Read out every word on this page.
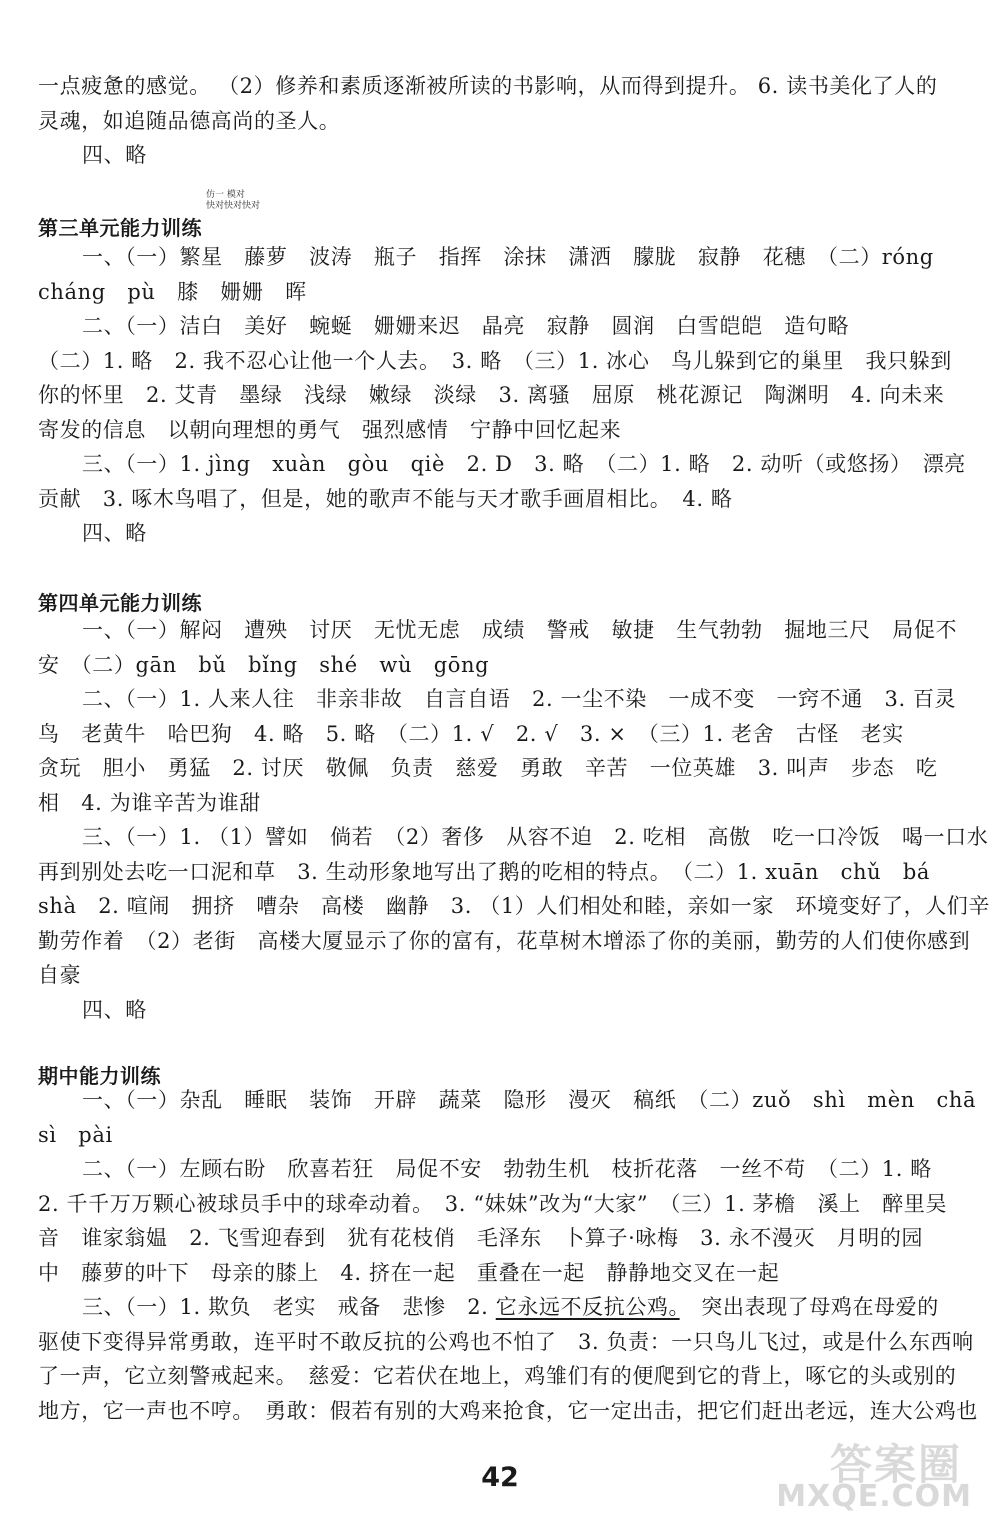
一点疲惫的感觉。 （2）修养和素质逐渐被所读的书影响，从而得到提升。 6. 读书美化了人的
灵魂，如追随品德高尚的圣人。
四、略
第三单元能力训练
仿一 模对
快对快对快对
一、（一）繁星　藤萝　波涛　瓶子　指挥　涂抹　潇洒　朦胧　寂静　花穗　（二）róng
cháng　pù　膝　姗姗　晖
二、（一）洁白　美好　蜿蜒　姗姗来迟　晶亮　寂静　圆润　白雪皑皑　造句略
（二）1. 略　2. 我不忍心让他一个人去。　3. 略　（三）1. 冰心　鸟儿躲到它的巢里　我只躲到
你的怀里　2. 艾青　墨绿　浅绿　嫩绿　淡绿　3. 离骚　屈原　桃花源记　陶渊明　4. 向未来
寄发的信息　以朝向理想的勇气　强烈感情　宁静中回忆起来
三、（一）1. jìng　xuàn　gòu　qiè　2. D　3. 略　（二）1. 略　2. 动听（或悠扬）　漂亮
贡献　3. 啄木鸟唱了，但是，她的歌声不能与天才歌手画眉相比。　4. 略
四、略
第四单元能力训练
一、（一）解闷　遭殃　讨厌　无忧无虑　成绩　警戒　敏捷　生气勃勃　掘地三尺　局促不
安　（二）gān　bǔ　bǐng　shé　wù　gōng
二、（一）1. 人来人往　非亲非故　自言自语　2. 一尘不染　一成不变　一窍不通　3. 百灵
鸟　老黄牛　哈巴狗　4. 略　5. 略　（二）1. √　2. √　3. ×　（三）1. 老舍　古怪　老实
贪玩　胆小　勇猛　2. 讨厌　敬佩　负责　慈爱　勇敢　辛苦　一位英雄　3. 叫声　步态　吃
相　4. 为谁辛苦为谁甜
三、（一）1. （1）譬如　倘若　（2）奢侈　从容不迫　2. 吃相　高傲　吃一口冷饭　喝一口水
再到别处去吃一口泥和草　3. 生动形象地写出了鹅的吃相的特点。　（二）1. xuān　chǔ　bá
shà　2. 喧闹　拥挤　嘈杂　高楼　幽静　3. （1）人们相处和睦，亲如一家　环境变好了，人们辛
勤劳作着　（2）老街　高楼大厦显示了你的富有，花草树木增添了你的美丽，勤劳的人们使你感到
自豪
四、略
期中能力训练
一、（一）杂乱　睡眠　装饰　开辟　蔬菜　隐形　漫灭　稿纸　（二）zuǒ　shì　mèn　chā
sì　pài
二、（一）左顾右盼　欣喜若狂　局促不安　勃勃生机　枝折花落　一丝不苟　（二）1. 略
2. 千千万万颗心被球员手中的球牵动着。　3. “妹妹”改为“大家”　（三）1. 茅檐　溪上　醉里吴
音　谁家翁媪　2. 飞雪迎春到　犹有花枝俏　毛泽东　卜算子·咏梅　3. 永不漫灭　月明的园
中　藤萝的叶下　母亲的膝上　4. 挤在一起　重叠在一起　静静地交叉在一起
三、（一）1. 欺负　老实　戒备　悲惨　2. 它永远不反抗公鸡。　突出表现了母鸡在母爱的
驱使下变得异常勇敢，连平时不敢反抗的公鸡也不怕了　3. 负责：一只鸟儿飞过，或是什么东西响
了一声，它立刻警戒起来。　慈爱：它若伏在地上，鸡雏们有的便爬到它的背上，啄它的头或别的
地方，它一声也不哼。　勇敢：假若有别的大鸡来抢食，它一定出击，把它们赶出老远，连大公鸡也
42	答案圈
MXQE.COM
